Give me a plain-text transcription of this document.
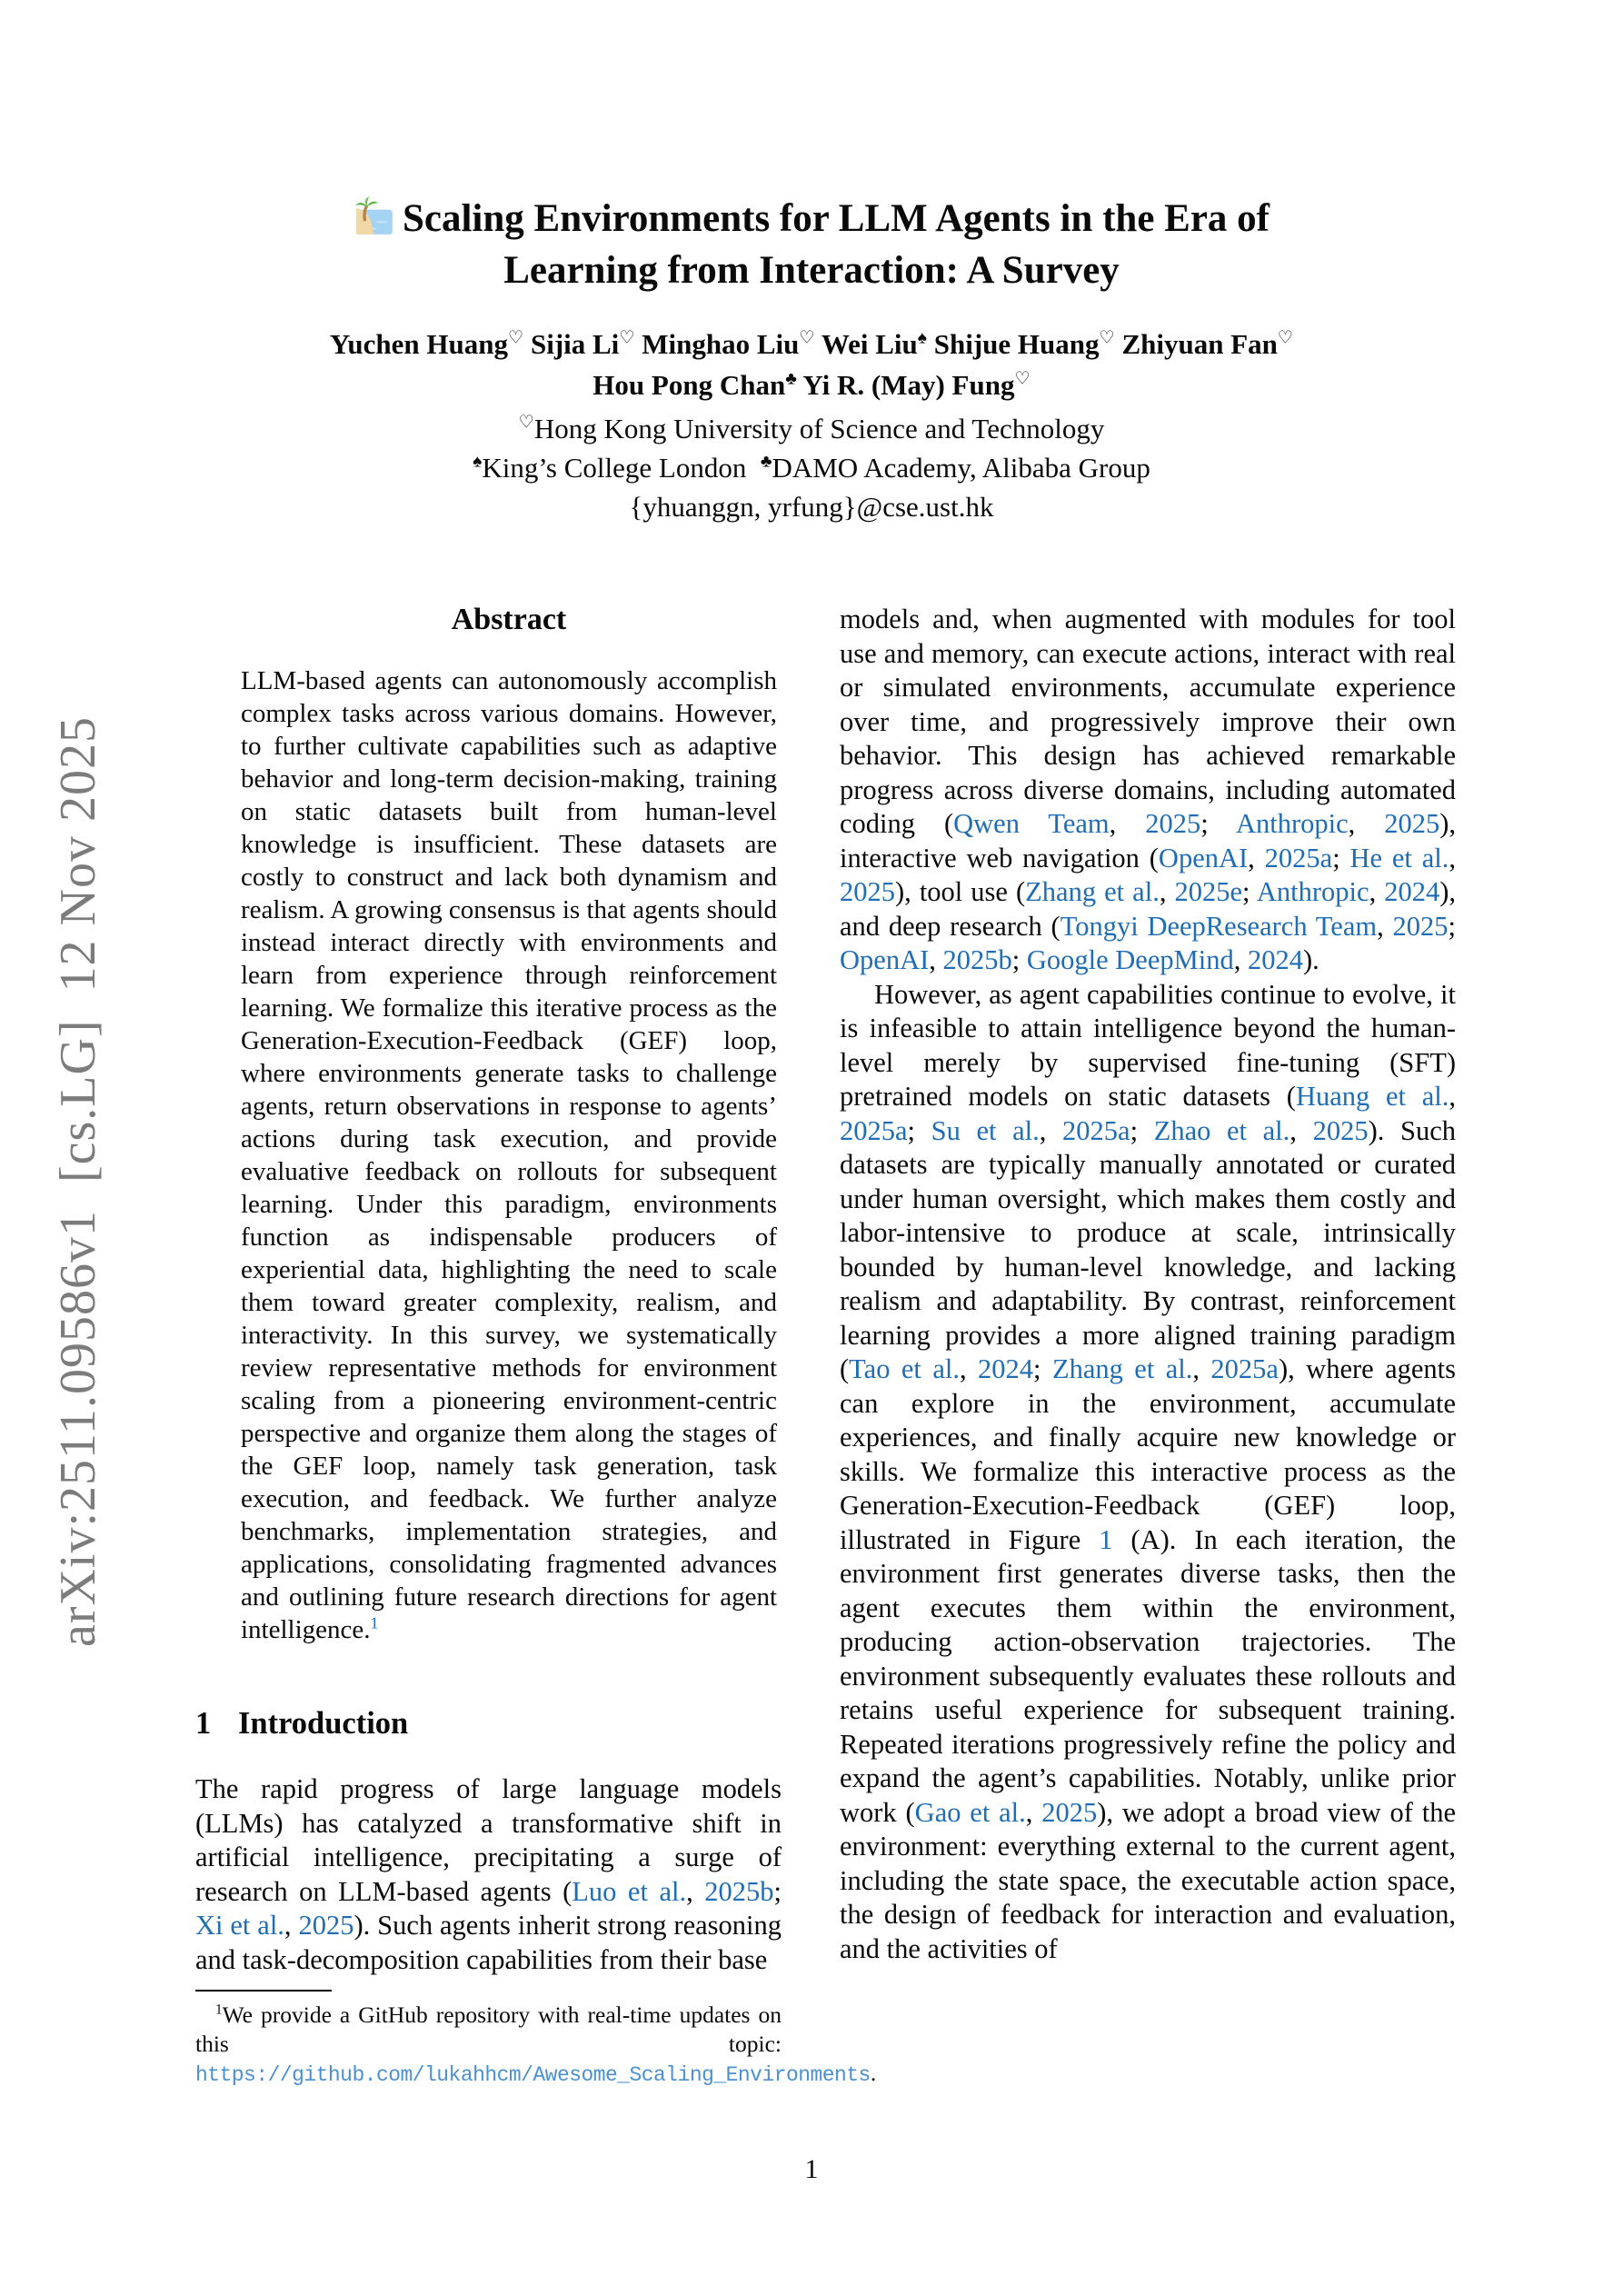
arXiv:2511.09586v1  [cs.LG]  12 Nov 2025
Scaling Environments for LLM Agents in the Era of
Learning from Interaction: A Survey
Yuchen Huang♡ Sijia Li♡ Minghao Liu♡ Wei Liu♠ Shijue Huang♡ Zhiyuan Fan♡
Hou Pong Chan♣ Yi R. (May) Fung♡
♡Hong Kong University of Science and Technology
♠King’s College London  ♣DAMO Academy, Alibaba Group
{yhuanggn, yrfung}@cse.ust.hk
Abstract

LLM-based agents can autonomously accomplish complex tasks across various domains. However, to further cultivate capabilities such as adaptive behavior and long-term decision-making, training on static datasets built from human-level knowledge is insufficient. These datasets are costly to construct and lack both dynamism and realism. A growing consensus is that agents should instead interact directly with environments and learn from experience through reinforcement learning. We formalize this iterative process as the Generation-Execution-Feedback (GEF) loop, where environments generate tasks to challenge agents, return observations in response to agents’ actions during task execution, and provide evaluative feedback on rollouts for subsequent learning. Under this paradigm, environments function as indispensable producers of experiential data, highlighting the need to scale them toward greater complexity, realism, and interactivity. In this survey, we systematically review representative methods for environment scaling from a pioneering environment-centric perspective and organize them along the stages of the GEF loop, namely task generation, task execution, and feedback. We further analyze benchmarks, implementation strategies, and applications, consolidating fragmented advances and outlining future research directions for agent intelligence.$^1$

1 Introduction

The rapid progress of large language models (LLMs) has catalyzed a transformative shift in artificial intelligence, precipitating a surge of research on LLM-based agents (Luo et al., 2025b; Xi et al., 2025). Such agents inherit strong reasoning and task-decomposition capabilities from their base

$^1$We provide a GitHub repository with real-time updates on this topic: https://github.com/lukahhcm/Awesome_Scaling_Environments.

models and, when augmented with modules for tool use and memory, can execute actions, interact with real or simulated environments, accumulate experience over time, and progressively improve their own behavior. This design has achieved remarkable progress across diverse domains, including automated coding (Qwen Team, 2025; Anthropic, 2025), interactive web navigation (OpenAI, 2025a; He et al., 2025), tool use (Zhang et al., 2025e; Anthropic, 2024), and deep research (Tongyi DeepResearch Team, 2025; OpenAI, 2025b; Google DeepMind, 2024).

However, as agent capabilities continue to evolve, it is infeasible to attain intelligence beyond the human-level merely by supervised fine-tuning (SFT) pretrained models on static datasets (Huang et al., 2025a; Su et al., 2025a; Zhao et al., 2025). Such datasets are typically manually annotated or curated under human oversight, which makes them costly and labor-intensive to produce at scale, intrinsically bounded by human-level knowledge, and lacking realism and adaptability. By contrast, reinforcement learning provides a more aligned training paradigm (Tao et al., 2024; Zhang et al., 2025a), where agents can explore in the environment, accumulate experiences, and finally acquire new knowledge or skills. We formalize this interactive process as the Generation-Execution-Feedback (GEF) loop, illustrated in Figure 1 (A). In each iteration, the environment first generates diverse tasks, then the agent executes them within the environment, producing action-observation trajectories. The environment subsequently evaluates these rollouts and retains useful experience for subsequent training. Repeated iterations progressively refine the policy and expand the agent’s capabilities. Notably, unlike prior work (Gao et al., 2025), we adopt a broad view of the environment: everything external to the current agent, including the state space, the executable action space, the design of feedback for interaction and evaluation, and the activities of

1
